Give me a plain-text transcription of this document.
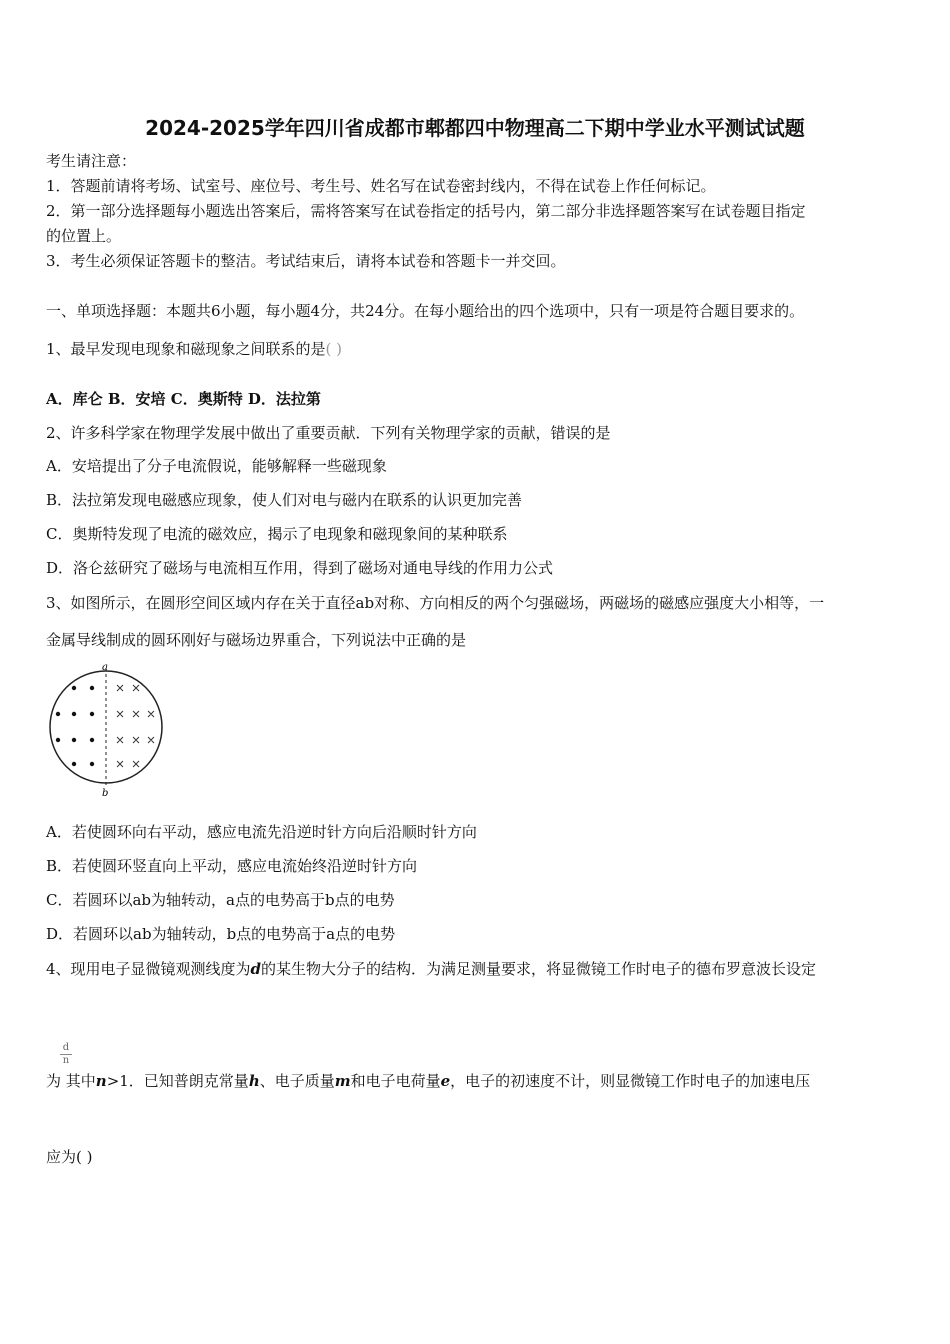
2024-2025学年四川省成都市郫都四中物理高二下期中学业水平测试试题
考生请注意：
1．答题前请将考场、试室号、座位号、考生号、姓名写在试卷密封线内，不得在试卷上作任何标记。
2．第一部分选择题每小题选出答案后，需将答案写在试卷指定的括号内，第二部分非选择题答案写在试卷题目指定
的位置上。
3．考生必须保证答题卡的整洁。考试结束后，请将本试卷和答题卡一并交回。
一、单项选择题：本题共6小题，每小题4分，共24分。在每小题给出的四个选项中，只有一项是符合题目要求的。
1、最早发现电现象和磁现象之间联系的是( )
A．库仑 B．安培 C．奥斯特 D．法拉第
2、许多科学家在物理学发展中做出了重要贡献．下列有关物理学家的贡献，错误的是
A．安培提出了分子电流假说，能够解释一些磁现象
B．法拉第发现电磁感应现象，使人们对电与磁内在联系的认识更加完善
C．奥斯特发现了电流的磁效应，揭示了电现象和磁现象间的某种联系
D．洛仑兹研究了磁场与电流相互作用，得到了磁场对通电导线的作用力公式
3、如图所示，在圆形空间区域内存在关于直径ab对称、方向相反的两个匀强磁场，两磁场的磁感应强度大小相等，一
金属导线制成的圆环刚好与磁场边界重合，下列说法中正确的是
a
b
A．若使圆环向右平动，感应电流先沿逆时针方向后沿顺时针方向
B．若使圆环竖直向上平动，感应电流始终沿逆时针方向
C．若圆环以ab为轴转动，a点的电势高于b点的电势
D．若圆环以ab为轴转动，b点的电势高于a点的电势
4、现用电子显微镜观测线度为d的某生物大分子的结构．为满足测量要求，将显微镜工作时电子的德布罗意波长设定
$\frac{d}{n}$
为 其中n>1．已知普朗克常量h、电子质量m和电子电荷量e，电子的初速度不计，则显微镜工作时电子的加速电压
应为( )
